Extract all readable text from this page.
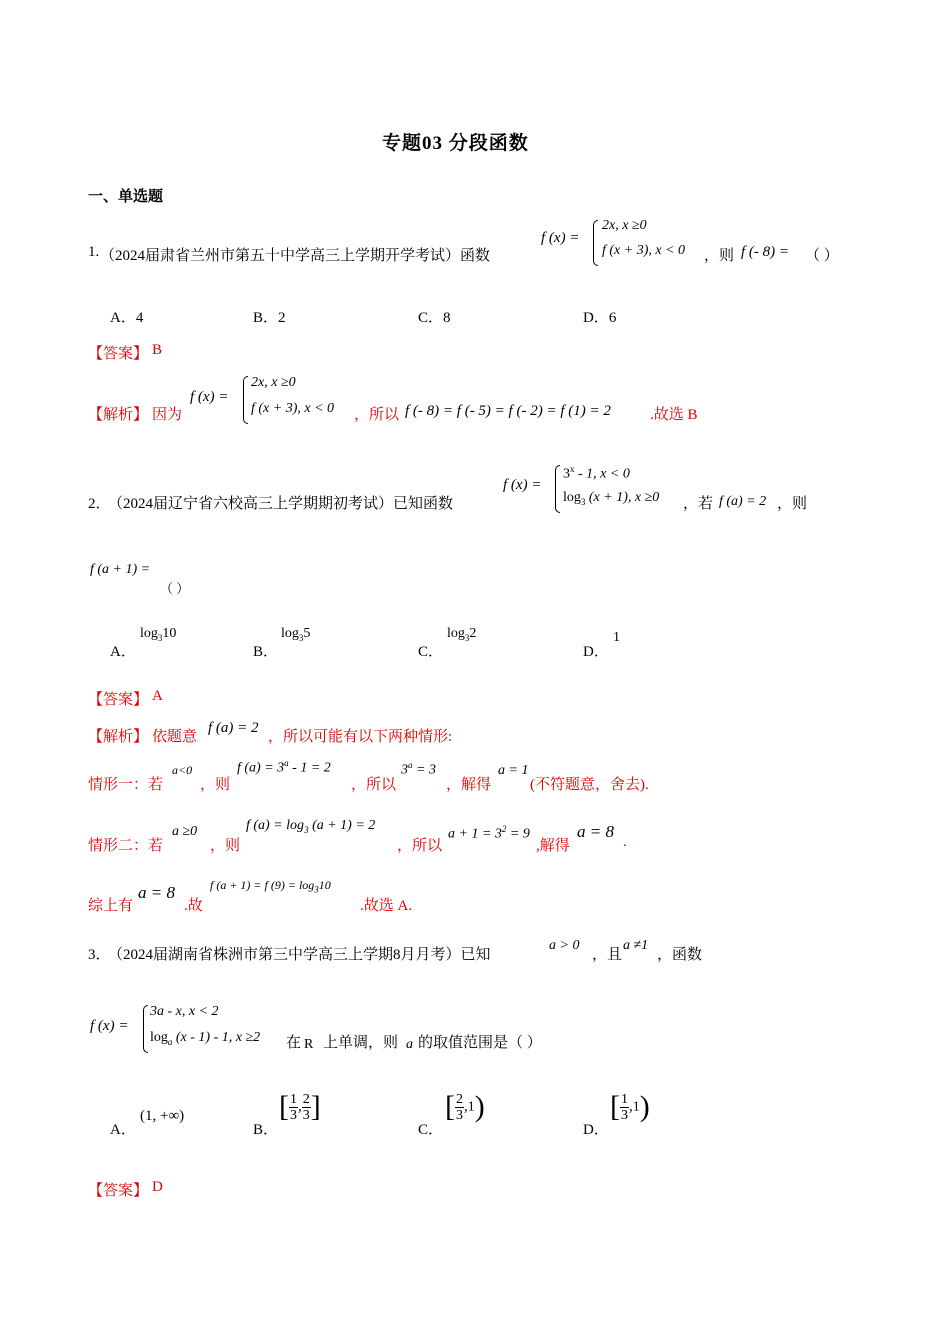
专题03 分段函数
一、单选题
1. （2024届肃省兰州市第五十中学高三上学期开学考试）函数
f (x) =
2x, x ≥0
f (x + 3), x < 0 ，则 f (- 8) = （ ）
A．4	B．2	C．8	D．6
【答案】 B
【解析】 因为
f (x) =
2x, x ≥0
f (x + 3), x < 0 ，所以 f (- 8) = f (- 5) = f (- 2) = f (1) = 2	.故选 B
2．
（2024届辽宁省六校高三上学期期初考试）已知函数
f (x) =
$3^x - 1$, x < 0
$\log_3 (x + 1)$, x ≥0 ，若 f (a) = 2 ，则
f (a + 1) =
（ ）
A．
$\log_310$
B．
$\log_35$
C．
$\log_32$
D．
1
【答案】 A
【解析】 依题意
f (a) = 2
，所以可能有以下两种情形:
情形一：若
a<0
，则
f $(a) = 3^a - 1 = 2$
，所以
$3^a = 3$
，解得
a = 1
(不符题意，舍去).
情形二：若
a ≥0
，则
f $(a) = \log_3 (a + 1) = 2$
，所以
$a + 1 = 3^2 = 9$
,解得
a = 8
.
综上有
a = 8
.故
f (a + 1) = f $(9) = \log_310$
.故选 A.
3．
（2024届湖南省株洲市第三中学高三上学期8月月考）已知
a > 0
，且
a ≠1
，函数
f (x) =
3a - x, x < 2
$\log_a (x - 1) - 1$, x ≥2 在 R 上单调，则 a 的取值范围是（ ）
A．
(1, +∞)
B．
[ $\frac{1}{3}$ , $\frac{2}{3}$ ]
C．
[ $\frac{2}{3} ,1$)
D．
[ $\frac{1}{3} ,1$)
【答案】 D
